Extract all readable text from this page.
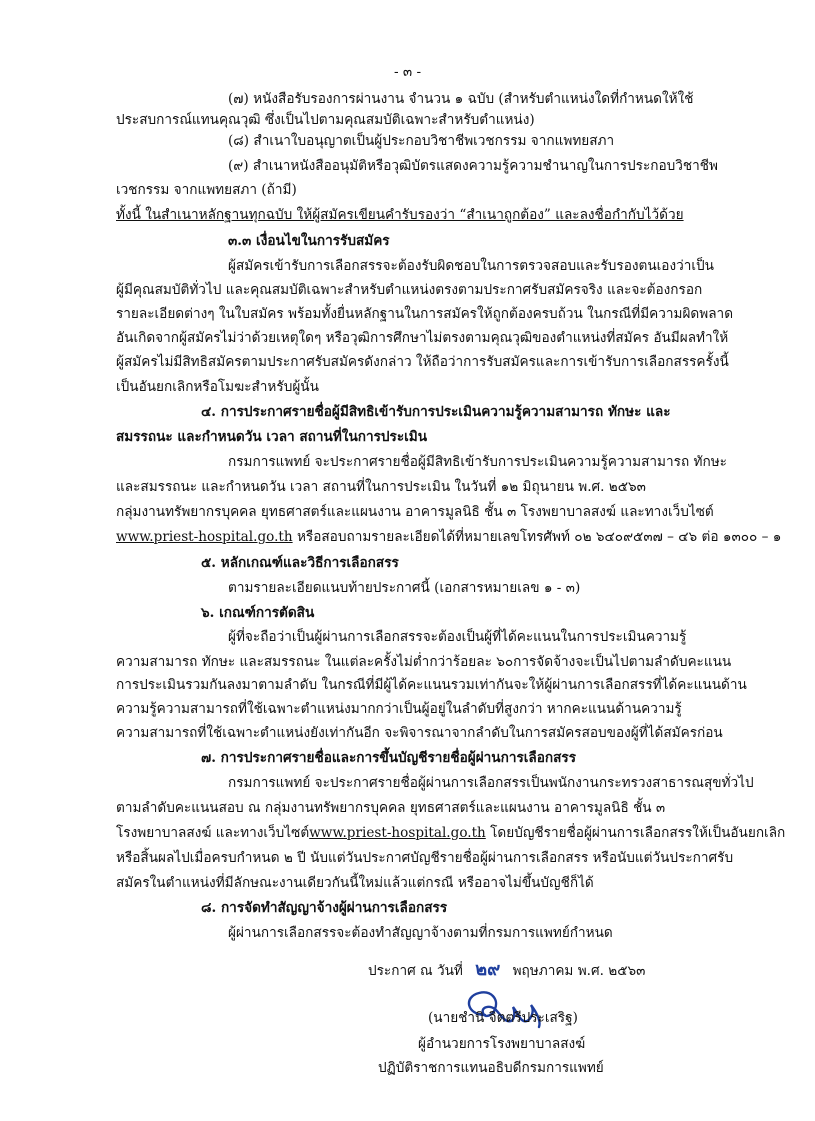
- ๓ -
(๗) หนังสือรับรองการผ่านงาน จำนวน ๑ ฉบับ (สำหรับตำแหน่งใดที่กำหนดให้ใช้
ประสบการณ์แทนคุณวุฒิ ซึ่งเป็นไปตามคุณสมบัติเฉพาะสำหรับตำแหน่ง)
(๘) สำเนาใบอนุญาตเป็นผู้ประกอบวิชาชีพเวชกรรม จากแพทยสภา
(๙) สำเนาหนังสืออนุมัติหรือวุฒิบัตรแสดงความรู้ความชำนาญในการประกอบวิชาชีพ
เวชกรรม จากแพทยสภา (ถ้ามี)
ทั้งนี้ ในสำเนาหลักฐานทุกฉบับ ให้ผู้สมัครเขียนคำรับรองว่า “สำเนาถูกต้อง” และลงชื่อกำกับไว้ด้วย
๓.๓ เงื่อนไขในการรับสมัคร
ผู้สมัครเข้ารับการเลือกสรรจะต้องรับผิดชอบในการตรวจสอบและรับรองตนเองว่าเป็น
ผู้มีคุณสมบัติทั่วไป และคุณสมบัติเฉพาะสำหรับตำแหน่งตรงตามประกาศรับสมัครจริง และจะต้องกรอก
รายละเอียดต่างๆ ในใบสมัคร พร้อมทั้งยื่นหลักฐานในการสมัครให้ถูกต้องครบถ้วน ในกรณีที่มีความผิดพลาด
อันเกิดจากผู้สมัครไม่ว่าด้วยเหตุใดๆ หรือวุฒิการศึกษาไม่ตรงตามคุณวุฒิของตำแหน่งที่สมัคร อันมีผลทำให้
ผู้สมัครไม่มีสิทธิสมัครตามประกาศรับสมัครดังกล่าว ให้ถือว่าการรับสมัครและการเข้ารับการเลือกสรรครั้งนี้
เป็นอันยกเลิกหรือโมฆะสำหรับผู้นั้น
๔. การประกาศรายชื่อผู้มีสิทธิเข้ารับการประเมินความรู้ความสามารถ ทักษะ และ
สมรรถนะ และกำหนดวัน เวลา สถานที่ในการประเมิน
กรมการแพทย์ จะประกาศรายชื่อผู้มีสิทธิเข้ารับการประเมินความรู้ความสามารถ ทักษะ
และสมรรถนะ และกำหนดวัน เวลา สถานที่ในการประเมิน ในวันที่ ๑๒ มิถุนายน พ.ศ. ๒๕๖๓
กลุ่มงานทรัพยากรบุคคล ยุทธศาสตร์และแผนงาน อาคารมูลนิธิ ชั้น ๓ โรงพยาบาลสงฆ์ และทางเว็บไซต์
www.priest-hospital.go.th หรือสอบถามรายละเอียดได้ที่หมายเลขโทรศัพท์ ๐๒ ๖๔๐๙๕๓๗ – ๔๖ ต่อ ๑๓๐๐ – ๑
๕. หลักเกณฑ์และวิธีการเลือกสรร
ตามรายละเอียดแนบท้ายประกาศนี้ (เอกสารหมายเลข ๑ - ๓)
๖. เกณฑ์การตัดสิน
ผู้ที่จะถือว่าเป็นผู้ผ่านการเลือกสรรจะต้องเป็นผู้ที่ได้คะแนนในการประเมินความรู้
ความสามารถ ทักษะ และสมรรถนะ ในแต่ละครั้งไม่ต่ำกว่าร้อยละ ๖๐การจัดจ้างจะเป็นไปตามลำดับคะแนน
การประเมินรวมกันลงมาตามลำดับ ในกรณีที่มีผู้ได้คะแนนรวมเท่ากันจะให้ผู้ผ่านการเลือกสรรที่ได้คะแนนด้าน
ความรู้ความสามารถที่ใช้เฉพาะตำแหน่งมากกว่าเป็นผู้อยู่ในลำดับที่สูงกว่า หากคะแนนด้านความรู้
ความสามารถที่ใช้เฉพาะตำแหน่งยังเท่ากันอีก จะพิจารณาจากลำดับในการสมัครสอบของผู้ที่ได้สมัครก่อน
๗. การประกาศรายชื่อและการขึ้นบัญชีรายชื่อผู้ผ่านการเลือกสรร
กรมการแพทย์ จะประกาศรายชื่อผู้ผ่านการเลือกสรรเป็นพนักงานกระทรวงสาธารณสุขทั่วไป
ตามลำดับคะแนนสอบ ณ กลุ่มงานทรัพยากรบุคคล ยุทธศาสตร์และแผนงาน อาคารมูลนิธิ ชั้น ๓
โรงพยาบาลสงฆ์ และทางเว็บไซต์www.priest-hospital.go.th โดยบัญชีรายชื่อผู้ผ่านการเลือกสรรให้เป็นอันยกเลิก
หรือสิ้นผลไปเมื่อครบกำหนด ๒ ปี นับแต่วันประกาศบัญชีรายชื่อผู้ผ่านการเลือกสรร หรือนับแต่วันประกาศรับ
สมัครในตำแหน่งที่มีลักษณะงานเดียวกันนี้ใหม่แล้วแต่กรณี หรืออาจไม่ขึ้นบัญชีก็ได้
๘. การจัดทำสัญญาจ้างผู้ผ่านการเลือกสรร
ผู้ผ่านการเลือกสรรจะต้องทำสัญญาจ้างตามที่กรมการแพทย์กำหนด
ประกาศ ณ วันที่ ๒๙ พฤษภาคม พ.ศ. ๒๕๖๓
(นายชำนิ จิตตรีประเสริฐ)
ผู้อำนวยการโรงพยาบาลสงฆ์
ปฏิบัติราชการแทนอธิบดีกรมการแพทย์
